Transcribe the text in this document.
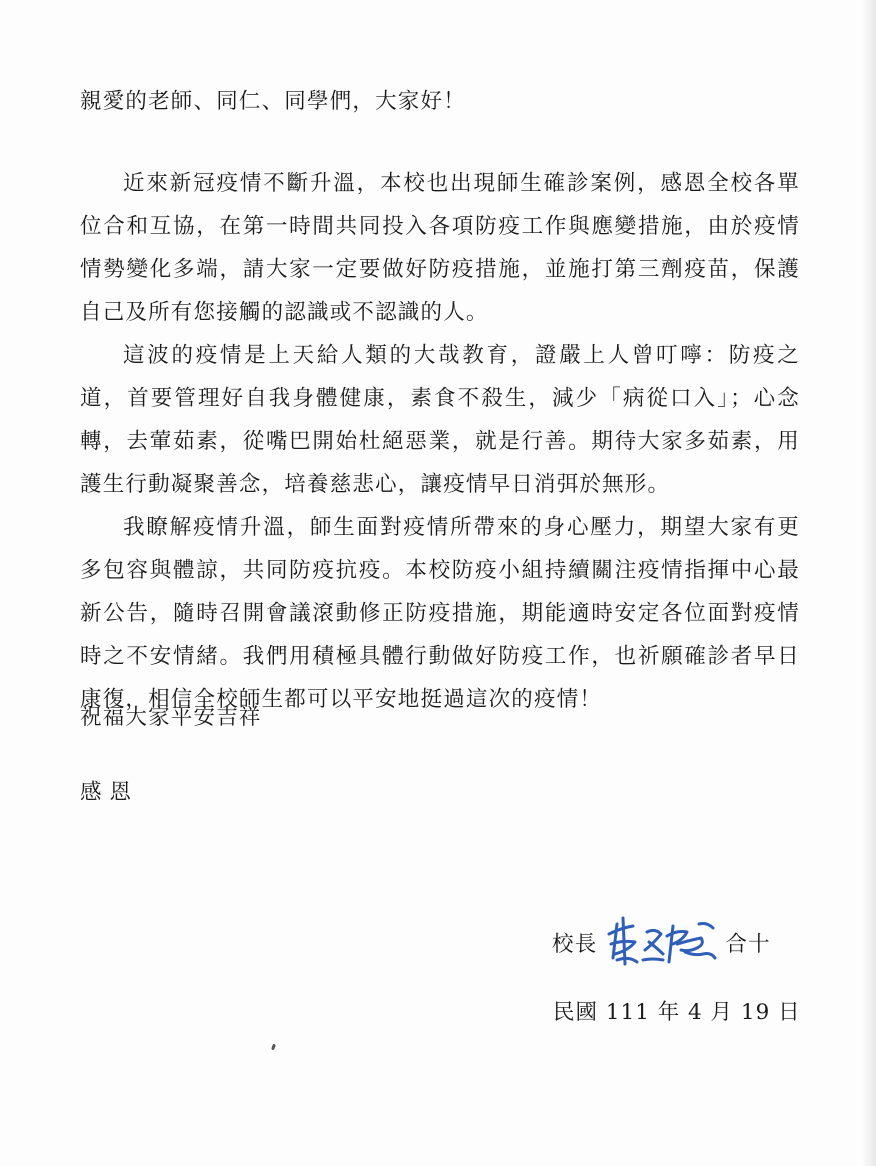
親愛的老師、同仁、同學們，大家好！

近來新冠疫情不斷升溫，本校也出現師生確診案例，感恩全校各單位合和互協，在第一時間共同投入各項防疫工作與應變措施，由於疫情情勢變化多端，請大家一定要做好防疫措施，並施打第三劑疫苗，保護自己及所有您接觸的認識或不認識的人。

這波的疫情是上天給人類的大哉教育，證嚴上人曾叮嚀：防疫之道，首要管理好自我身體健康，素食不殺生，減少「病從口入」；心念轉，去葷茹素，從嘴巴開始杜絕惡業，就是行善。期待大家多茹素，用護生行動凝聚善念，培養慈悲心，讓疫情早日消弭於無形。

我瞭解疫情升溫，師生面對疫情所帶來的身心壓力，期望大家有更多包容與體諒，共同防疫抗疫。本校防疫小組持續關注疫情指揮中心最新公告，隨時召開會議滾動修正防疫措施，期能適時安定各位面對疫情時之不安情緒。我們用積極具體行動做好防疫工作，也祈願確診者早日康復，相信全校師生都可以平安地挺過這次的疫情！

祝福大家平安吉祥
感恩
校長	合十
民國 111 年 4 月 19 日
